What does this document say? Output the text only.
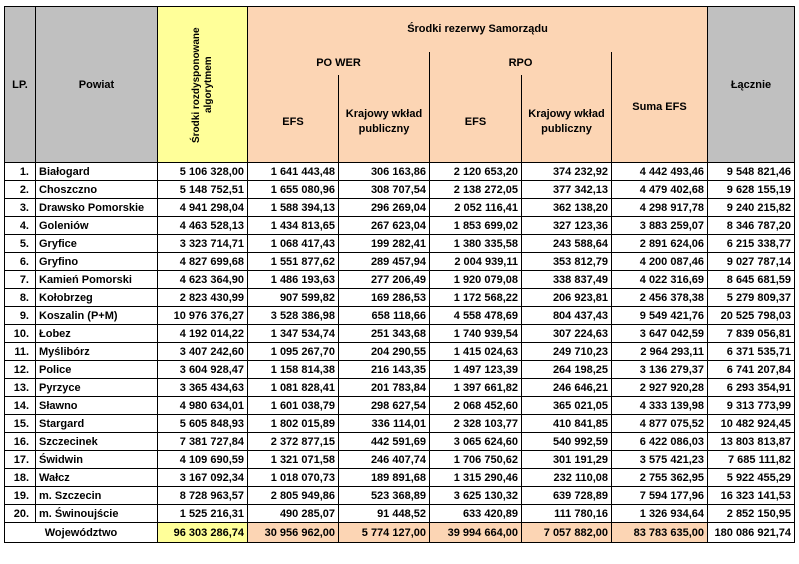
LP.	Powiat	Środki rozdysponowane algorytmem	Środki rezerwy Samorządu					Łącznie
			PO WER		RPO		Suma EFS	

			EFS	Krajowy wkład publiczny	EFS	Krajowy wkład publiczny		
1.	Białogard	5 106 328,00	1 641 443,48	306 163,86	2 120 653,20	374 232,92	4 442 493,46	9 548 821,46
2.	Choszczno	5 148 752,51	1 655 080,96	308 707,54	2 138 272,05	377 342,13	4 479 402,68	9 628 155,19
3.	Drawsko Pomorskie	4 941 298,04	1 588 394,13	296 269,04	2 052 116,41	362 138,20	4 298 917,78	9 240 215,82
4.	Goleniów	4 463 528,13	1 434 813,65	267 623,04	1 853 699,02	327 123,36	3 883 259,07	8 346 787,20
5.	Gryfice	3 323 714,71	1 068 417,43	199 282,41	1 380 335,58	243 588,64	2 891 624,06	6 215 338,77
6.	Gryfino	4 827 699,68	1 551 877,62	289 457,94	2 004 939,11	353 812,79	4 200 087,46	9 027 787,14
7.	Kamień Pomorski	4 623 364,90	1 486 193,63	277 206,49	1 920 079,08	338 837,49	4 022 316,69	8 645 681,59
8.	Kołobrzeg	2 823 430,99	907 599,82	169 286,53	1 172 568,22	206 923,81	2 456 378,38	5 279 809,37
9.	Koszalin (P+M)	10 976 376,27	3 528 386,98	658 118,66	4 558 478,69	804 437,43	9 549 421,76	20 525 798,03
10.	Łobez	4 192 014,22	1 347 534,74	251 343,68	1 740 939,54	307 224,63	3 647 042,59	7 839 056,81
11.	Myślibórz	3 407 242,60	1 095 267,70	204 290,55	1 415 024,63	249 710,23	2 964 293,11	6 371 535,71
12.	Police	3 604 928,47	1 158 814,38	216 143,35	1 497 123,39	264 198,25	3 136 279,37	6 741 207,84
13.	Pyrzyce	3 365 434,63	1 081 828,41	201 783,84	1 397 661,82	246 646,21	2 927 920,28	6 293 354,91
14.	Sławno	4 980 634,01	1 601 038,79	298 627,54	2 068 452,60	365 021,05	4 333 139,98	9 313 773,99
15.	Stargard	5 605 848,93	1 802 015,89	336 114,01	2 328 103,77	410 841,85	4 877 075,52	10 482 924,45
16.	Szczecinek	7 381 727,84	2 372 877,15	442 591,69	3 065 624,60	540 992,59	6 422 086,03	13 803 813,87
17.	Świdwin	4 109 690,59	1 321 071,58	246 407,74	1 706 750,62	301 191,29	3 575 421,23	7 685 111,82
18.	Wałcz	3 167 092,34	1 018 070,73	189 891,68	1 315 290,46	232 110,08	2 755 362,95	5 922 455,29
19.	m. Szczecin	8 728 963,57	2 805 949,86	523 368,89	3 625 130,32	639 728,89	7 594 177,96	16 323 141,53
20.	m. Świnoujście	1 525 216,31	490 285,07	91 448,52	633 420,89	111 780,16	1 326 934,64	2 852 150,95
Województwo		96 303 286,74	30 956 962,00	5 774 127,00	39 994 664,00	7 057 882,00	83 783 635,00	180 086 921,74
